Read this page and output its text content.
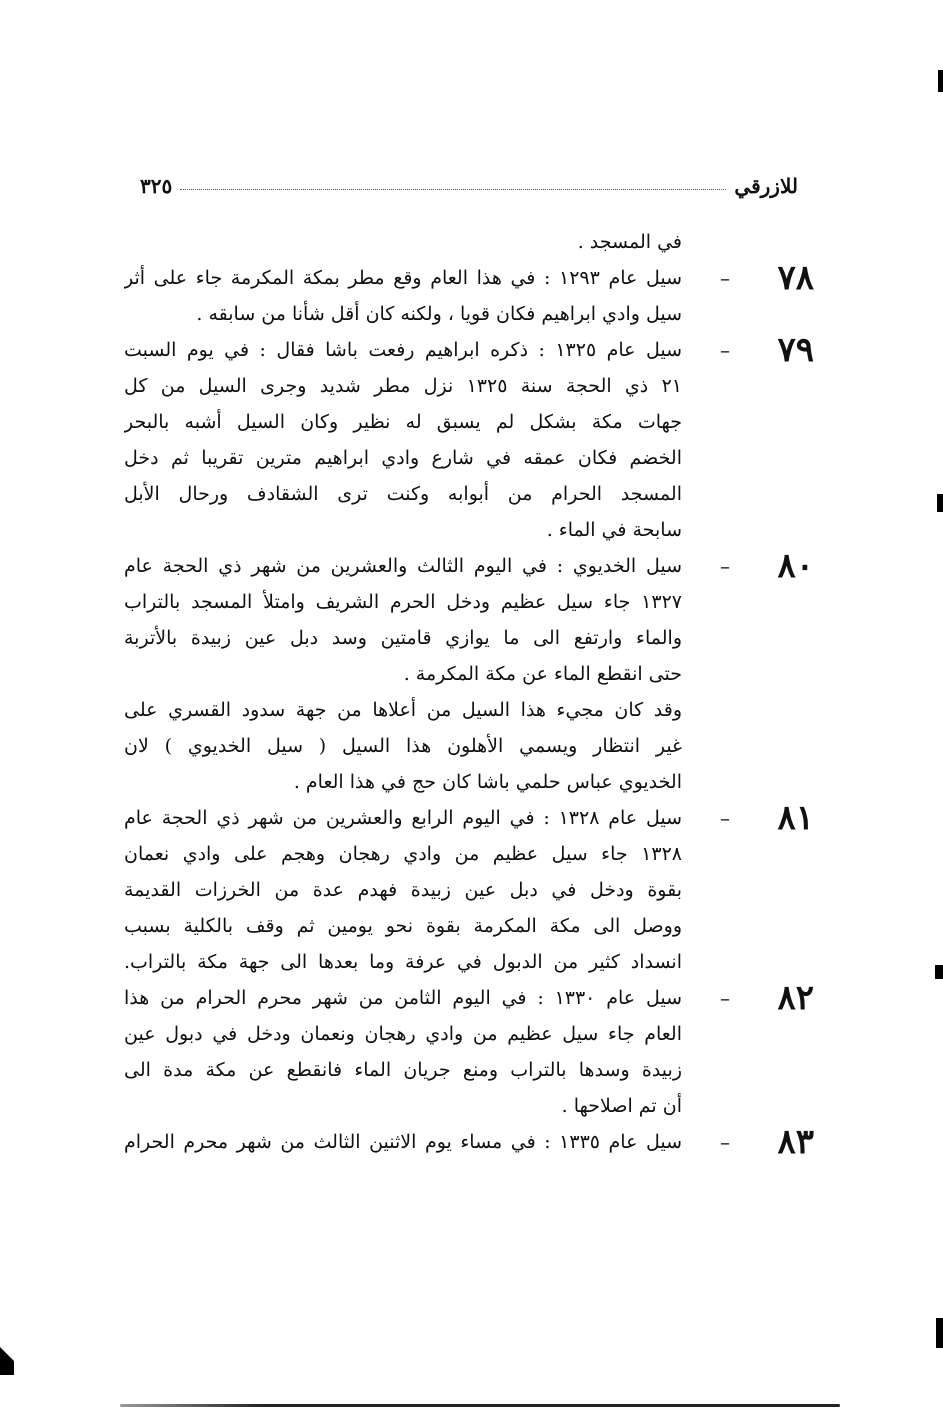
للازرقي
٣٢٥
في المسجد .
٧٨
–
سيل عام ١٢٩٣ : في هذا العام وقع مطر بمكة المكرمة جاء على أثر
سيل وادي ابراهيم فكان قويا ، ولكنه كان أقل شأنا من سابقه .
٧٩
–
سيل عام ١٣٢٥ : ذكره ابراهيم رفعت باشا فقال : في يوم السبت
٢١ ذي الحجة سنة ١٣٢٥ نزل مطر شديد وجرى السيل من كل
جهات مكة بشكل لم يسبق له نظير وكان السيل أشبه بالبحر
الخضم فكان عمقه في شارع وادي ابراهيم مترين تقريبا ثم دخل
المسجد الحرام من أبوابه وكنت ترى الشقادف ورحال الأبل
سابحة في الماء .
٨٠
–
سيل الخديوي : في اليوم الثالث والعشرين من شهر ذي الحجة عام
١٣٢٧ جاء سيل عظيم ودخل الحرم الشريف وامتلأ المسجد بالتراب
والماء وارتفع الى ما يوازي قامتين وسد دبل عين زبيدة بالأتربة
حتى انقطع الماء عن مكة المكرمة .
وقد كان مجيء هذا السيل من أعلاها من جهة سدود القسري على
غير انتظار ويسمي الأهلون هذا السيل ( سيل الخديوي ) لان
الخديوي عباس حلمي باشا كان حج في هذا العام .
٨١
–
سيل عام ١٣٢٨ : في اليوم الرابع والعشرين من شهر ذي الحجة عام
١٣٢٨ جاء سيل عظيم من وادي رهجان وهجم على وادي نعمان
بقوة ودخل في دبل عين زبيدة فهدم عدة من الخرزات القديمة
ووصل الى مكة المكرمة بقوة نحو يومين ثم وقف بالكلية بسبب
انسداد كثير من الدبول في عرفة وما بعدها الى جهة مكة بالتراب.
٨٢
–
سيل عام ١٣٣٠ : في اليوم الثامن من شهر محرم الحرام من هذا
العام جاء سيل عظيم من وادي رهجان ونعمان ودخل في دبول عين
زبيدة وسدها بالتراب ومنع جريان الماء فانقطع عن مكة مدة الى
أن تم اصلاحها .
٨٣
–
سيل عام ١٣٣٥ : في مساء يوم الاثنين الثالث من شهر محرم الحرام
